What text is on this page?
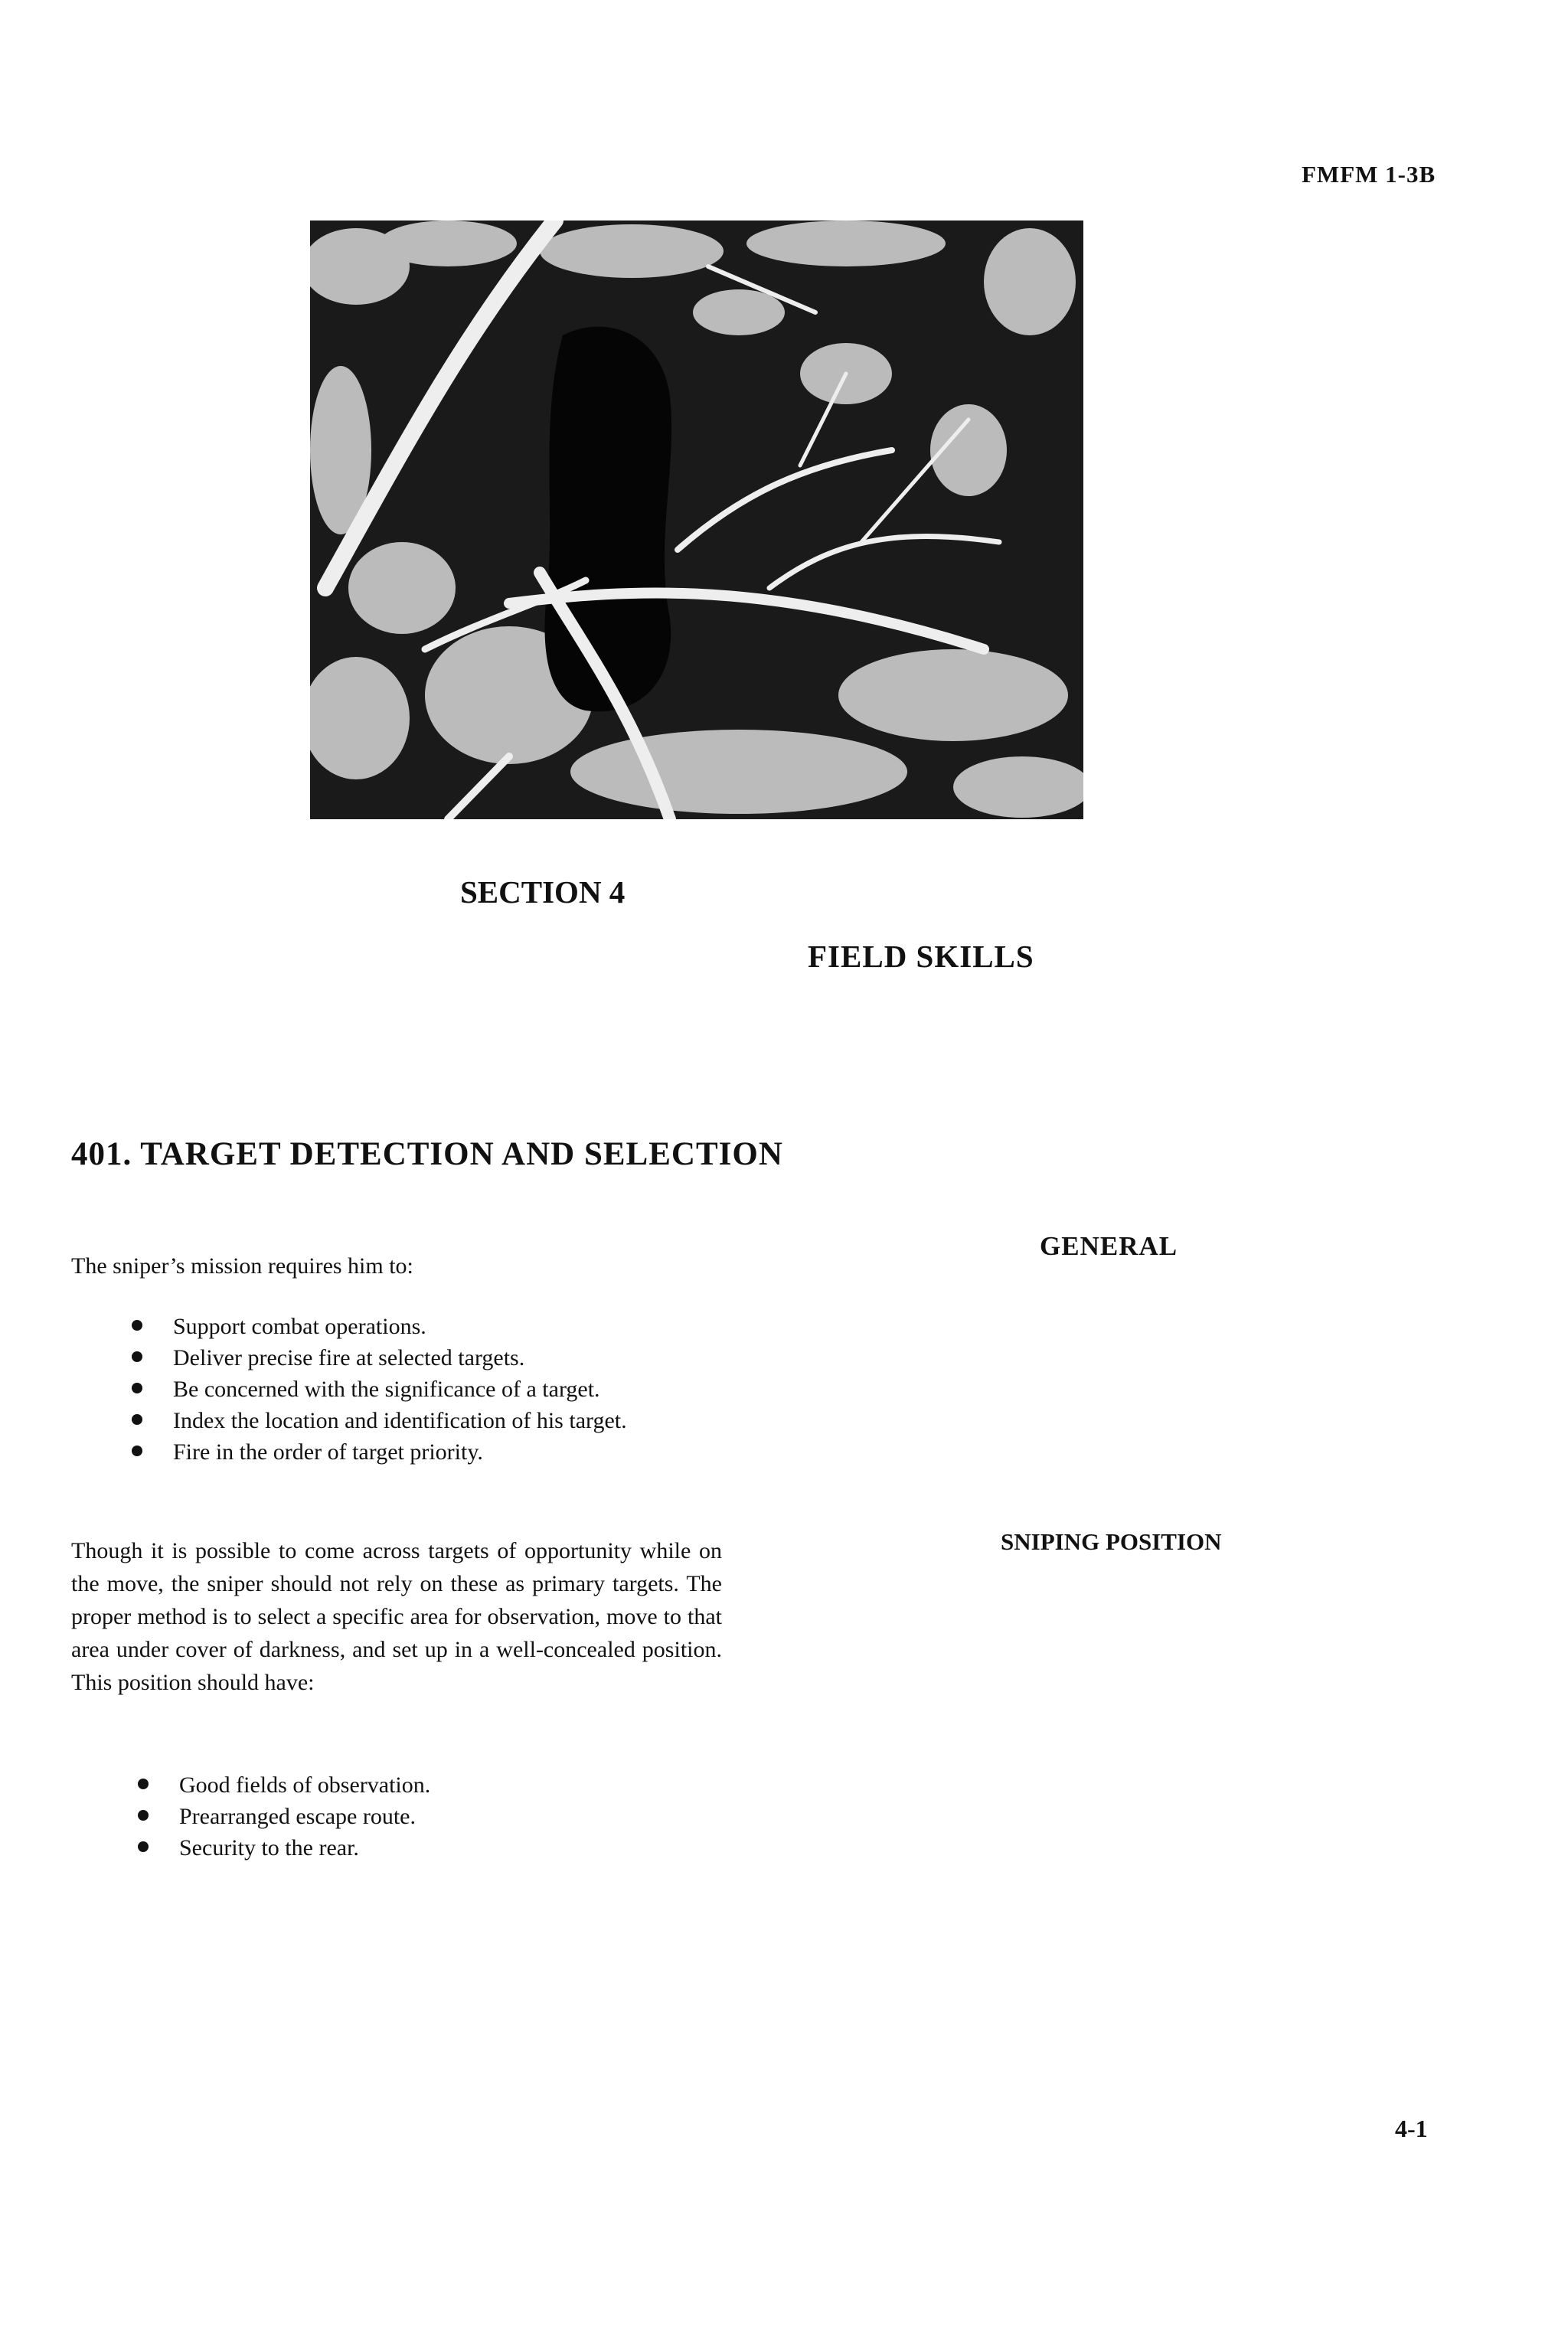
FMFM 1-3B
SECTION 4
FIELD SKILLS
401. TARGET DETECTION AND SELECTION
GENERAL
The sniper’s mission requires him to:
Support combat operations.
Deliver precise fire at selected targets.
Be concerned with the significance of a target.
Index the location and identification of his target.
Fire in the order of target priority.
SNIPING POSITION
Though it is possible to come across targets of opportunity while on the move, the sniper should not rely on these as primary targets. The proper method is to select a specific area for observation, move to that area under cover of darkness, and set up in a well-concealed position. This position should have:
Good fields of observation.
Prearranged escape route.
Security to the rear.
4-1
